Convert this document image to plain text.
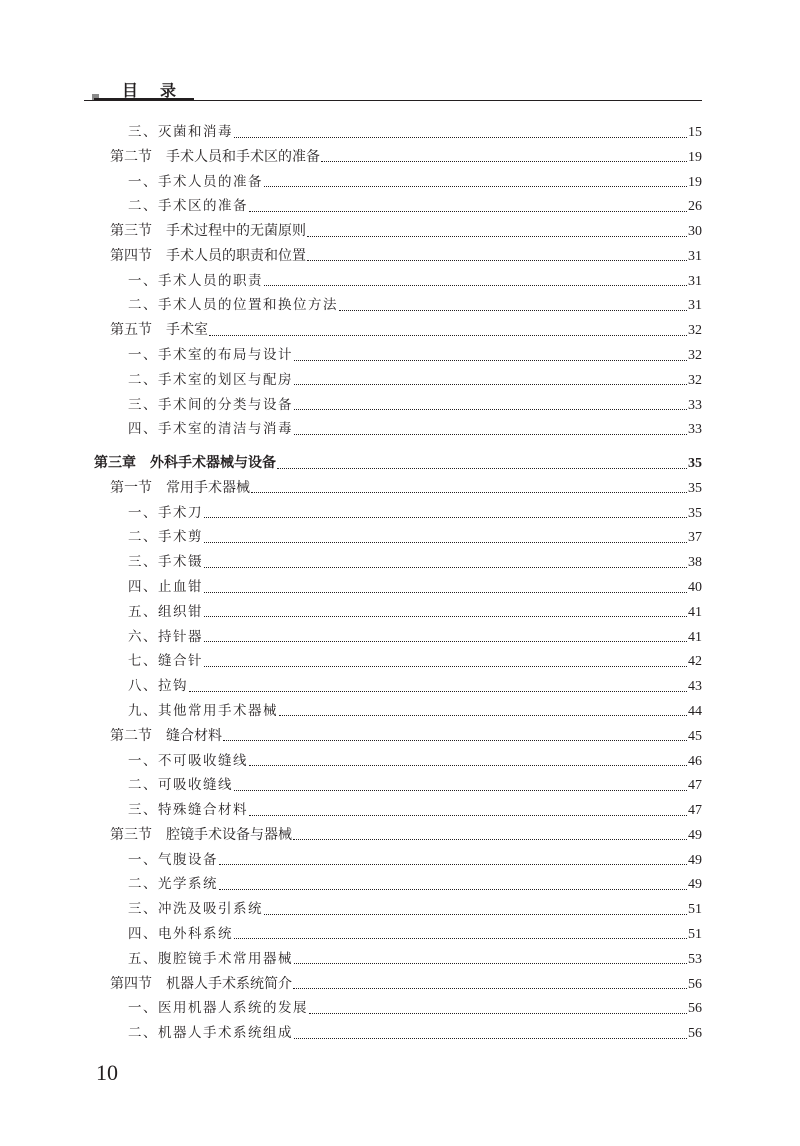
目录
三、灭菌和消毒	15
第二节 手术人员和手术区的准备	19
一、手术人员的准备	19
二、手术区的准备	26
第三节 手术过程中的无菌原则	30
第四节 手术人员的职责和位置	31
一、手术人员的职责	31
二、手术人员的位置和换位方法	31
第五节 手术室	32
一、手术室的布局与设计	32
二、手术室的划区与配房	32
三、手术间的分类与设备	33
四、手术室的清洁与消毒	33
第三章 外科手术器械与设备	35
第一节 常用手术器械	35
一、手术刀	35
二、手术剪	37
三、手术镊	38
四、止血钳	40
五、组织钳	41
六、持针器	41
七、缝合针	42
八、拉钩	43
九、其他常用手术器械	44
第二节 缝合材料	45
一、不可吸收缝线	46
二、可吸收缝线	47
三、特殊缝合材料	47
第三节 腔镜手术设备与器械	49
一、气腹设备	49
二、光学系统	49
三、冲洗及吸引系统	51
四、电外科系统	51
五、腹腔镜手术常用器械	53
第四节 机器人手术系统简介	56
一、医用机器人系统的发展	56
二、机器人手术系统组成	56
10
